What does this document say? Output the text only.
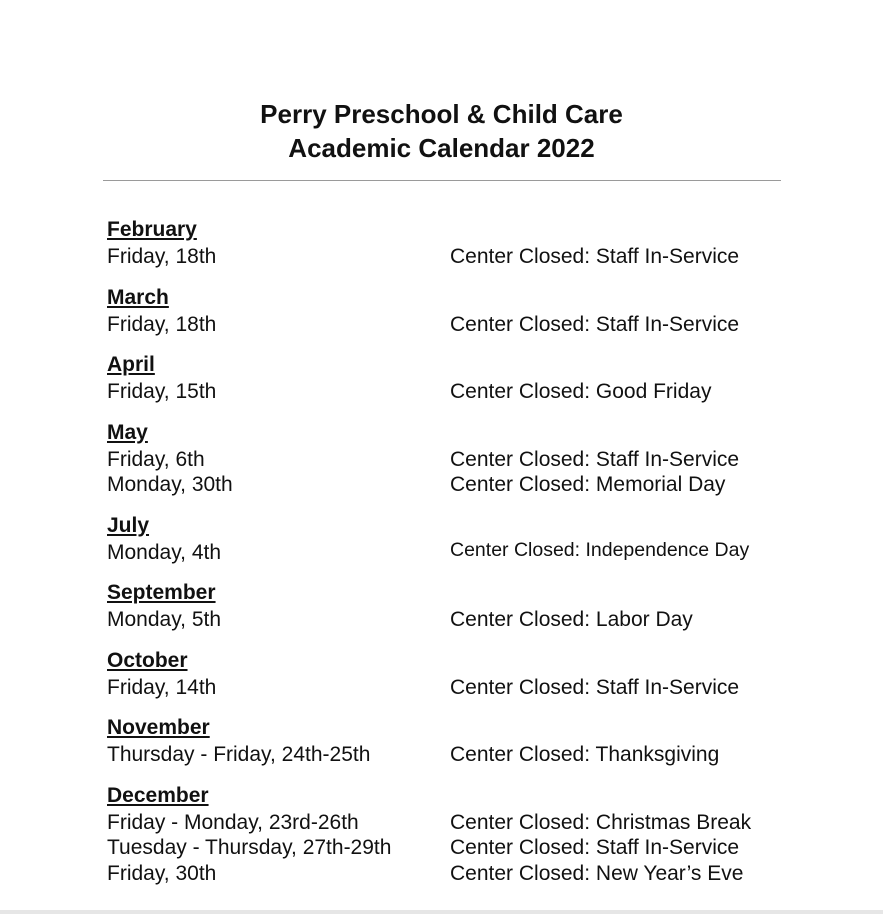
Perry Preschool & Child Care
Academic Calendar 2022
February
Friday, 18th	Center Closed: Staff In-Service
March
Friday, 18th	Center Closed: Staff In-Service
April
Friday, 15th	Center Closed: Good Friday
May
Friday, 6th	Center Closed: Staff In-Service
Monday, 30th	Center Closed: Memorial Day
July
Monday, 4th	Center Closed: Independence Day
September
Monday, 5th	Center Closed: Labor Day
October
Friday, 14th	Center Closed: Staff In-Service
November
Thursday - Friday, 24th-25th	Center Closed: Thanksgiving
December
Friday - Monday, 23rd-26th	Center Closed: Christmas Break
Tuesday - Thursday, 27th-29th	Center Closed: Staff In-Service
Friday, 30th	Center Closed: New Year’s Eve
